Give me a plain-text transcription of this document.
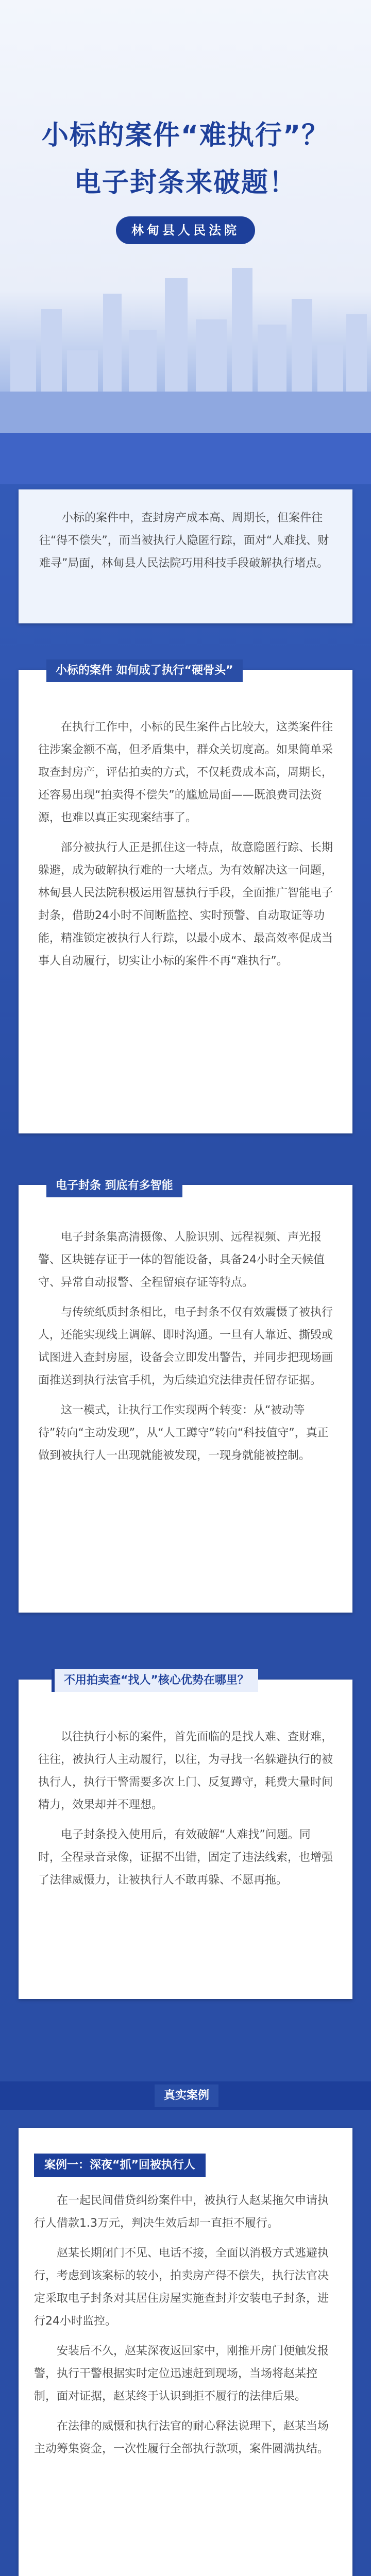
小标的案件“难执行”？
电子封条来破题！
林甸县人民法院

小标的案件中，查封房产成本高、周期长，但案件往往“得不偿失”，而当被执行人隐匿行踪，面对“人难找、财难寻”局面，林甸县人民法院巧用科技手段破解执行堵点。

在执行工作中，小标的民生案件占比较大，这类案件往往涉案金额不高，但矛盾集中，群众关切度高。如果简单采取查封房产，评估拍卖的方式，不仅耗费成本高，周期长，还容易出现“拍卖得不偿失”的尴尬局面——既浪费司法资源，也难以真正实现案结事了。

部分被执行人正是抓住这一特点，故意隐匿行踪、长期躲避，成为破解执行难的一大堵点。为有效解决这一问题，林甸县人民法院积极运用智慧执行手段，全面推广智能电子封条，借助24小时不间断监控、实时预警、自动取证等功能，精准锁定被执行人行踪，以最小成本、最高效率促成当事人自动履行，切实让小标的案件不再“难执行”。

小标的案件 如何成了执行“硬骨头”

电子封条集高清摄像、人脸识别、远程视频、声光报警、区块链存证于一体的智能设备，具备24小时全天候值守、异常自动报警、全程留痕存证等特点。

与传统纸质封条相比，电子封条不仅有效震慑了被执行人，还能实现线上调解、即时沟通。一旦有人靠近、撕毁或试图进入查封房屋，设备会立即发出警告，并同步把现场画面推送到执行法官手机，为后续追究法律责任留存证据。

这一模式，让执行工作实现两个转变：从“被动等待”转向“主动发现”，从“人工蹲守”转向“科技值守”，真正做到被执行人一出现就能被发现，一现身就能被控制。

电子封条 到底有多智能

以往执行小标的案件，首先面临的是找人难、查财难，往往，被执行人主动履行，以往，为寻找一名躲避执行的被执行人，执行干警需要多次上门、反复蹲守，耗费大量时间精力，效果却并不理想。

电子封条投入使用后，有效破解“人难找”问题。同时，全程录音录像，证据不出错，固定了违法线索，也增强了法律威慑力，让被执行人不敢再躲、不愿再拖。

不用拍卖查“找人”核心优势在哪里？
真实案例
案例一：深夜“抓”回被执行人

在一起民间借贷纠纷案件中，被执行人赵某拖欠申请执行人借款1.3万元，判决生效后却一直拒不履行。

赵某长期闭门不见、电话不接，全面以消极方式逃避执行，考虑到该案标的较小，拍卖房产得不偿失，执行法官决定采取电子封条对其居住房屋实施查封并安装电子封条，进行24小时监控。

安装后不久，赵某深夜返回家中，刚推开房门便触发报警，执行干警根据实时定位迅速赶到现场，当场将赵某控制，面对证据，赵某终于认识到拒不履行的法律后果。

在法律的威慑和执行法官的耐心释法说理下，赵某当场主动筹集资金，一次性履行全部执行款项，案件圆满执结。
